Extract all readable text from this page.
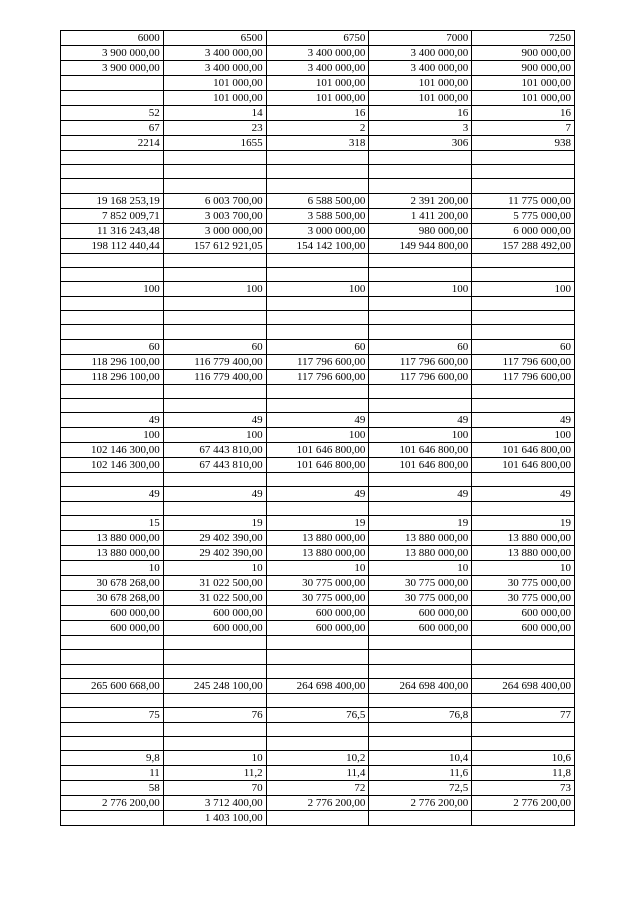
6000	6500	6750	7000	7250
3 900 000,00	3 400 000,00	3 400 000,00	3 400 000,00	900 000,00
3 900 000,00	3 400 000,00	3 400 000,00	3 400 000,00	900 000,00
	101 000,00	101 000,00	101 000,00	101 000,00
	101 000,00	101 000,00	101 000,00	101 000,00
52	14	16	16	16
67	23	2	3	7
2214	1655	318	306	938

19 168 253,19	6 003 700,00	6 588 500,00	2 391 200,00	11 775 000,00
7 852 009,71	3 003 700,00	3 588 500,00	1 411 200,00	5 775 000,00
11 316 243,48	3 000 000,00	3 000 000,00	980 000,00	6 000 000,00
198 112 440,44	157 612 921,05	154 142 100,00	149 944 800,00	157 288 492,00

100	100	100	100	100

60	60	60	60	60
118 296 100,00	116 779 400,00	117 796 600,00	117 796 600,00	117 796 600,00
118 296 100,00	116 779 400,00	117 796 600,00	117 796 600,00	117 796 600,00

49	49	49	49	49
100	100	100	100	100
102 146 300,00	67 443 810,00	101 646 800,00	101 646 800,00	101 646 800,00
102 146 300,00	67 443 810,00	101 646 800,00	101 646 800,00	101 646 800,00

49	49	49	49	49

15	19	19	19	19
13 880 000,00	29 402 390,00	13 880 000,00	13 880 000,00	13 880 000,00
13 880 000,00	29 402 390,00	13 880 000,00	13 880 000,00	13 880 000,00
10	10	10	10	10
30 678 268,00	31 022 500,00	30 775 000,00	30 775 000,00	30 775 000,00
30 678 268,00	31 022 500,00	30 775 000,00	30 775 000,00	30 775 000,00
600 000,00	600 000,00	600 000,00	600 000,00	600 000,00
600 000,00	600 000,00	600 000,00	600 000,00	600 000,00

265 600 668,00	245 248 100,00	264 698 400,00	264 698 400,00	264 698 400,00

75	76	76,5	76,8	77

9,8	10	10,2	10,4	10,6
11	11,2	11,4	11,6	11,8
58	70	72	72,5	73
2 776 200,00	3 712 400,00	2 776 200,00	2 776 200,00	2 776 200,00
	1 403 100,00			
